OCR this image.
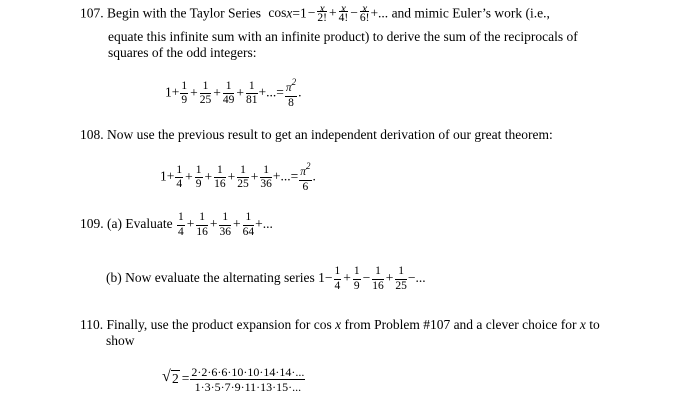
107. Begin with the Taylor Series $\cos x=1- \frac{x}{2!} + \frac{x}{4!} - \frac{x}{6!}$ +... and mimic Euler’s work (i.e.,
equate this infinite sum with an infinite product) to derive the sum of the reciprocals of
squares of the odd integers:
$1+ \frac{1}{9} + \frac{1}{25} + \frac{1}{49} + \frac{1}{81}$ +...= $\frac{\pi^2}{8}$ .
108. Now use the previous result to get an independent derivation of our great theorem:
$1+ \frac{1}{4} + \frac{1}{9} + \frac{1}{16} + \frac{1}{25} + \frac{1}{36}$ +...= $\frac{\pi^2}{6}$ .
109. (a) Evaluate $\frac{1}{4} + \frac{1}{16} + \frac{1}{36} + \frac{1}{64}$ +...
(b) Now evaluate the alternating series $1- \frac{1}{4} + \frac{1}{9} - \frac{1}{16} + \frac{1}{25}$ −...
110. Finally, use the product expansion for cos x from Problem #107 and a clever choice for x to
show
√ $2 = \frac{2\cdot 2\cdot 6\cdot 6\cdot 10\cdot 10\cdot 14\cdot 14\cdot...}{1\cdot 3\cdot 5\cdot 7\cdot 9\cdot 11\cdot 13\cdot 15\cdot...}$
